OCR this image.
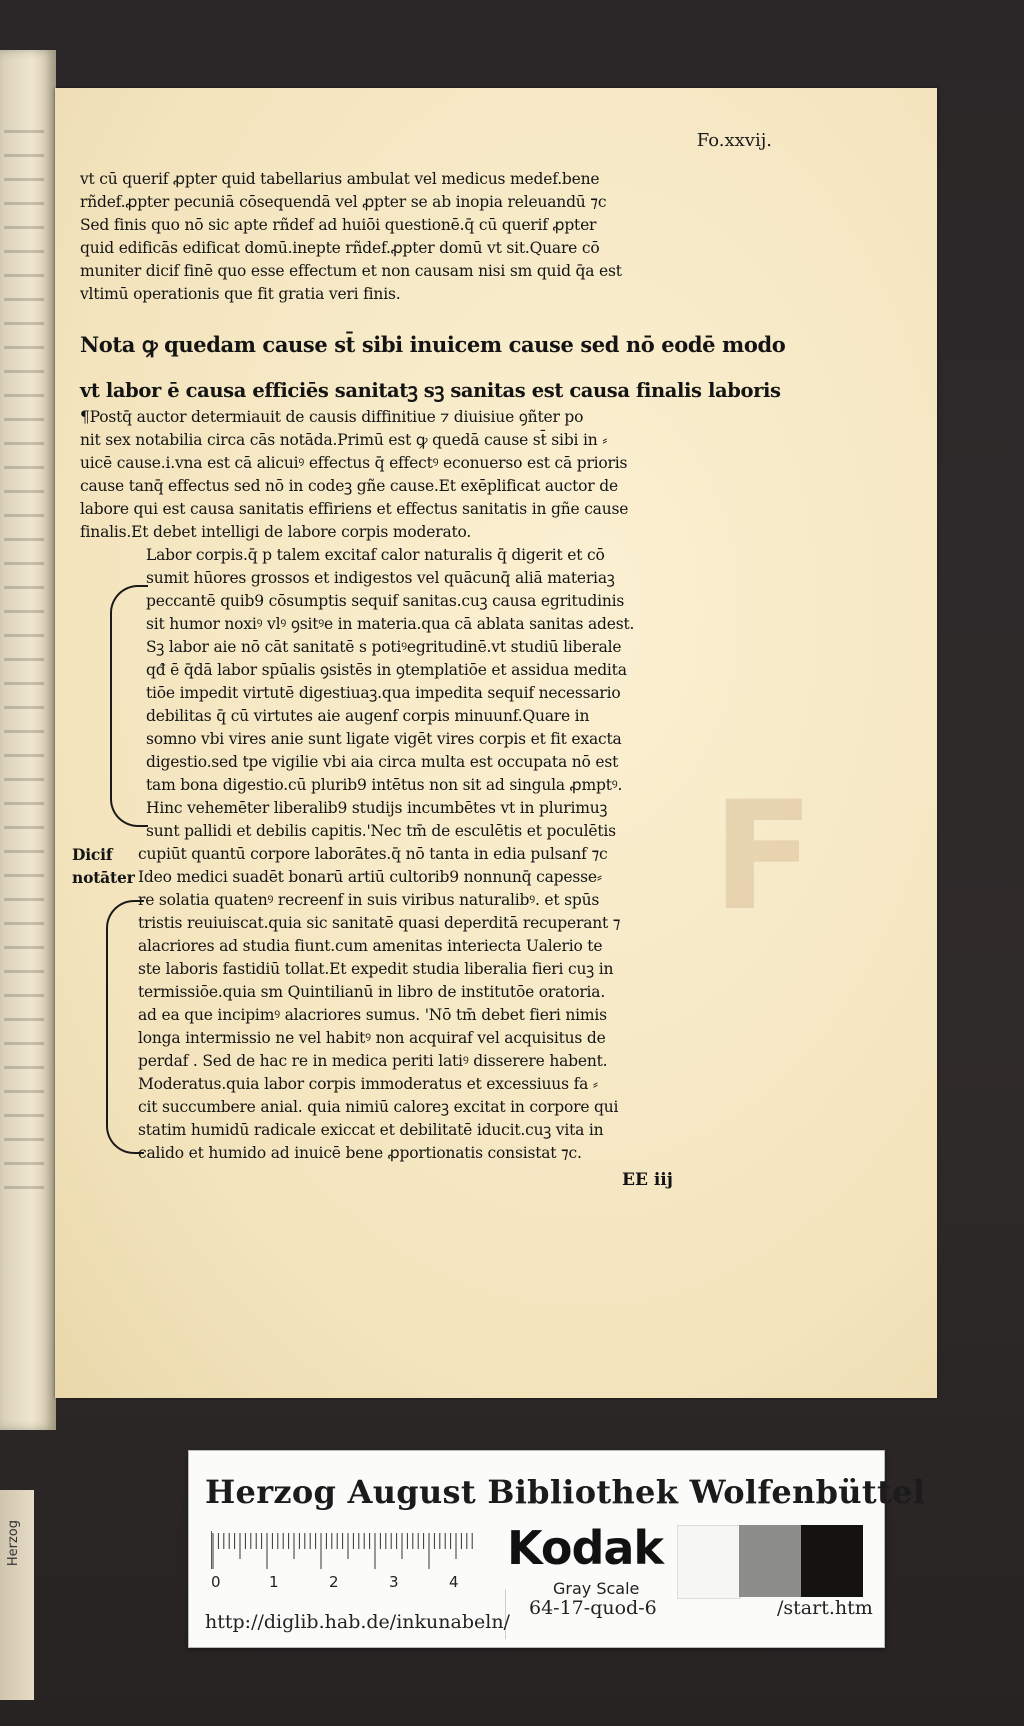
Herzog
F
Fo.xxvij.

vt cū querif ꝓpter quid tabellarius ambulat vel medicus medef.bene
rñdef.ꝓpter pecuniā cōsequendā vel ꝓpter se ab inopia releuandū ⁊c
Sed finis quo nō sic apte rñdef ad huiōi questionē.q̄ cū querif ꝓpter
quid edificās edificat domū.inepte rñdef.ꝓpter domū vt sit.Quare cō
muniter dicif finē quo esse effectum et non causam nisi sm quid q̄a est
vltimū operationis que fit gratia veri finis.

Nota ꝙ quedam cause st̄ sibi inuicem cause sed nō eodē modo
vt labor ē causa efficiēs sanitatꝫ sꝫ sanitas est causa finalis laboris

¶Postq̄ auctor determiauit de causis diffinitiue ⁊ diuisiue ꝯñter po
nit sex notabilia circa cās notāda.Primū est ꝙ quedā cause st̄ sibi in ⸗
uicē cause.i.vna est cā alicuiꝰ effectus q̄ effectꝰ econuerso est cā prioris
cause tanq̄ effectus sed nō in codeꝫ gñe cause.Et exēplificat auctor de
labore qui est causa sanitatis effiriens et effectus sanitatis in gñe cause
finalis.Et debet intelligi de labore corpis moderato.

Labor corpis.q̄ p talem excitaf calor naturalis q̄ digerit et cō
sumit hūores grossos et indigestos vel quācunq̄ aliā materiaꝫ
peccantē quib9 cōsumptis sequif sanitas.cuꝫ causa egritudinis
sit humor noxiꝰ vlꝰ ꝯsitꝰe in materia.qua cā ablata sanitas adest.
Sꝫ labor aie nō cāt sanitatē s potiꝰegritudinē.vt studiū liberale
qđ ē q̄dā labor spūalis ꝯsistēs in ꝯtemplatiōe et assidua medita
tiōe impedit virtutē digestiuaꝫ.qua impedita sequif necessario
debilitas q̄ cū virtutes aie augenf corpis minuunf.Quare in
somno vbi vires anie sunt ligate vigēt vires corpis et fit exacta
digestio.sed tpe vigilie vbi aia circa multa est occupata nō est
tam bona digestio.cū plurib9 intētus non sit ad singula ꝓmptꝰ.
Hinc vehemēter liberalib9 studijs incumbētes vt in plurimuꝫ
sunt pallidi et debilis capitis.'Nec tm̄ de esculētis et poculētis

Dicif
notāter

cupiūt quantū corpore laborātes.q̄ nō tanta in edia pulsanf ⁊c
Ideo medici suadēt bonarū artiū cultorib9 nonnunq̄ capesse⸗
re solatia quatenꝰ recreenf in suis viribus naturalibꝰ. et spūs
tristis reuiuiscat.quia sic sanitatē quasi deperditā recuperant ⁊
alacriores ad studia fiunt.cum amenitas interiecta Ualerio te
ste laboris fastidiū tollat.Et expedit studia liberalia fieri cuꝫ in
termissiōe.quia sm Quintilianū in libro de institutōe oratoria.
ad ea que incipimꝰ alacriores sumus. 'Nō tm̄ debet fieri nimis
longa intermissio ne vel habitꝰ non acquiraf vel acquisitus de
perdaf . Sed de hac re in medica periti latiꝰ disserere habent.
Moderatus.quia labor corpis immoderatus et excessiuus fa ⸗
cit succumbere anial. quia nimiū caloreꝫ excitat in corpore qui
statim humidū radicale exiccat et debilitatē iducit.cuꝫ vita in
calido et humido ad inuicē bene ꝓportionatis consistat ⁊c.

EE iij
Herzog August Bibliothek Wolfenbüttel
0	1	2	3	4
Kodak
Gray Scale
http://diglib.hab.de/inkunabeln/
64-17-quod-6	/start.htm
